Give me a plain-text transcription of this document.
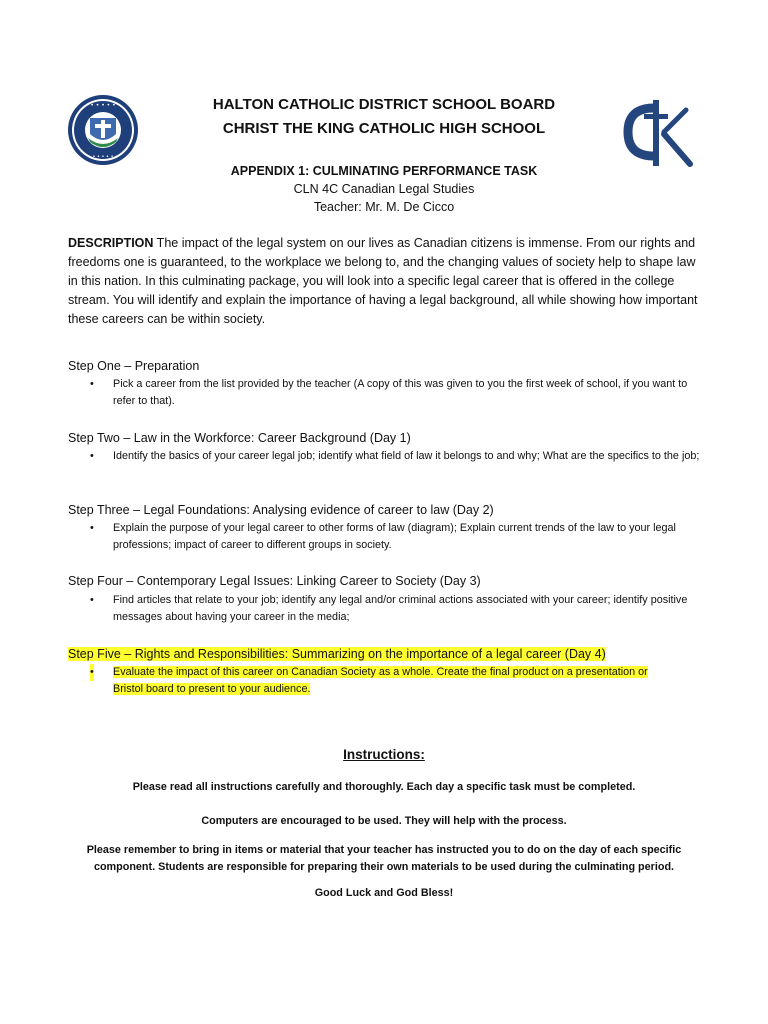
• • • • •
• • • • • • •
HALTON CATHOLIC DISTRICT SCHOOL BOARD
CHRIST THE KING CATHOLIC HIGH SCHOOL
APPENDIX 1: CULMINATING PERFORMANCE TASK
CLN 4C Canadian Legal Studies
Teacher: Mr. M. De Cicco
DESCRIPTION The impact of the legal system on our lives as Canadian citizens is immense. From our rights and freedoms one is guaranteed, to the workplace we belong to, and the changing values of society help to shape law in this nation. In this culminating package, you will look into a specific legal career that is offered in the college stream. You will identify and explain the importance of having a legal background, all while showing how important these careers can be within society.
Step One – Preparation
• Pick a career from the list provided by the teacher (A copy of this was given to you the first week of school, if you want to refer to that).
Step Two – Law in the Workforce: Career Background (Day 1)
• Identify the basics of your career legal job; identify what field of law it belongs to and why; What are the specifics to the job;
Step Three – Legal Foundations: Analysing evidence of career to law (Day 2)
• Explain the purpose of your legal career to other forms of law (diagram); Explain current trends of the law to your legal professions; impact of career to different groups in society.
Step Four – Contemporary Legal Issues: Linking Career to Society (Day 3)
• Find articles that relate to your job; identify any legal and/or criminal actions associated with your career; identify positive messages about having your career in the media;
Step Five – Rights and Responsibilities: Summarizing on the importance of a legal career (Day 4)
• Evaluate the impact of this career on Canadian Society as a whole. Create the final product on a presentation or
Bristol board to present to your audience.
Instructions:
Please read all instructions carefully and thoroughly. Each day a specific task must be completed.
Computers are encouraged to be used. They will help with the process.
Please remember to bring in items or material that your teacher has instructed you to do on the day of each specific component. Students are responsible for preparing their own materials to be used during the culminating period.
Good Luck and God Bless!
